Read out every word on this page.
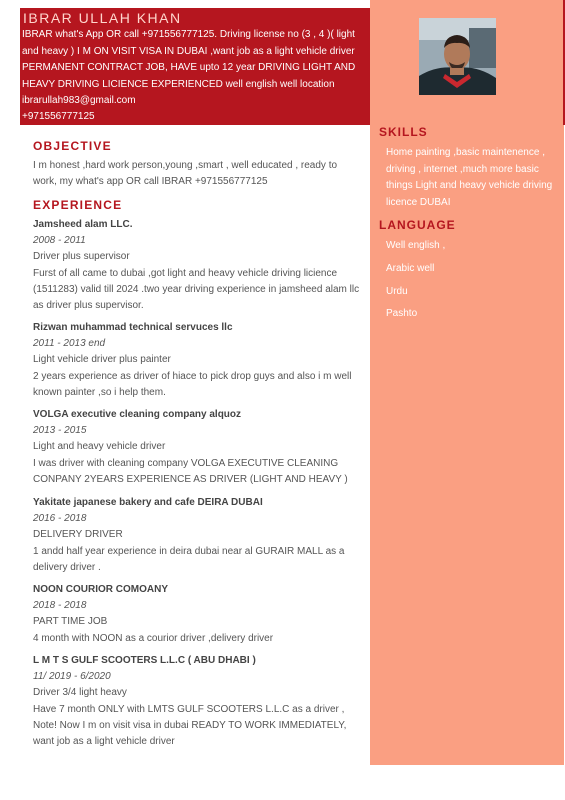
IBRAR ULLAH KHAN
IBRAR what's App OR call +971556777125. Driving license no (3 , 4 )( light and heavy ) I M ON VISIT VISA IN DUBAI ,want job as a light vehicle driver PERMANENT CONTRACT JOB, HAVE upto 12 year DRIVING LIGHT AND HEAVY DRIVING LICIENCE EXPERIENCED well english well location
ibrarullah983@gmail.com
+971556777125
SKILLS
Home painting ,basic maintenence , driving , internet ,much more basic things Light and heavy vehicle driving licence DUBAI
LANGUAGE
Well english ,
Arabic well
Urdu
Pashto
OBJECTIVE
I m honest ,hard work person,young ,smart , well educated , ready to work, my what's app OR call IBRAR +971556777125
EXPERIENCE
Jamsheed alam LLC.
2008 - 2011
Driver plus supervisor
Furst of all came to dubai ,got light and heavy vehicle driving licience (1511283) valid till 2024 .two year driving experience in jamsheed alam llc as driver plus supervisor.
Rizwan muhammad technical servuces llc
2011 - 2013 end
Light vehicle driver plus painter
2 years experience as driver of hiace to pick drop guys and also i m well known painter ,so i help them.
VOLGA executive cleaning company alquoz
2013 - 2015
Light and heavy vehicle driver
I was driver with cleaning company VOLGA EXECUTIVE CLEANING CONPANY 2YEARS EXPERIENCE AS DRIVER (LIGHT AND HEAVY )
Yakitate japanese bakery and cafe DEIRA DUBAI
2016 - 2018
DELIVERY DRIVER
1 andd half year experience in deira dubai near al GURAIR MALL as a delivery driver .
NOON COURIOR COMOANY
2018 - 2018
PART TIME JOB
4 month with NOON as a courior driver ,delivery driver
L M T S GULF SCOOTERS L.L.C ( ABU DHABI )
11/ 2019 - 6/2020
Driver 3/4 light heavy
Have 7 month ONLY with LMTS GULF SCOOTERS L.L.C as a driver , Note! Now I m on visit visa in dubai READY TO WORK IMMEDIATELY, want job as a light vehicle driver
